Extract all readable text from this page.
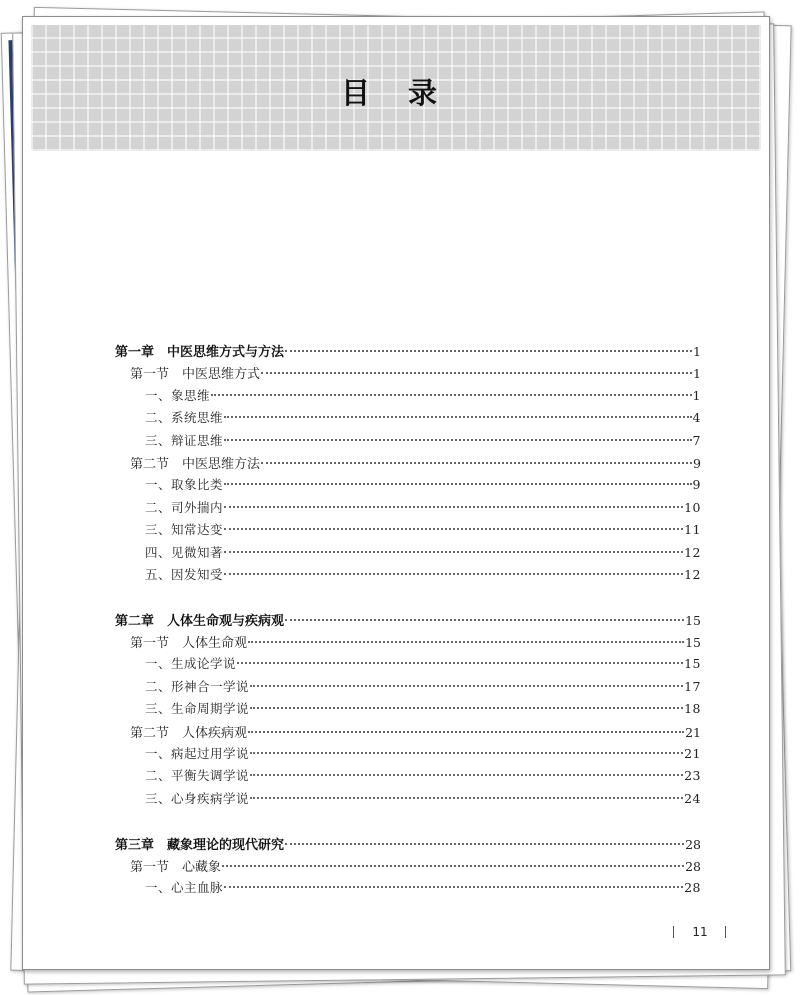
目 录
第一章 中医思维方式与方法	1
第一节 中医思维方式	1
一、象思维	1
二、系统思维	4
三、辩证思维	7
第二节 中医思维方法	9
一、取象比类	9
二、司外揣内	10
三、知常达变	11
四、见微知著	12
五、因发知受	12
第二章 人体生命观与疾病观	15
第一节 人体生命观	15
一、生成论学说	15
二、形神合一学说	17
三、生命周期学说	18
第二节 人体疾病观	21
一、病起过用学说	21
二、平衡失调学说	23
三、心身疾病学说	24
第三章 藏象理论的现代研究	28
第一节 心藏象	28
一、心主血脉	28
11
